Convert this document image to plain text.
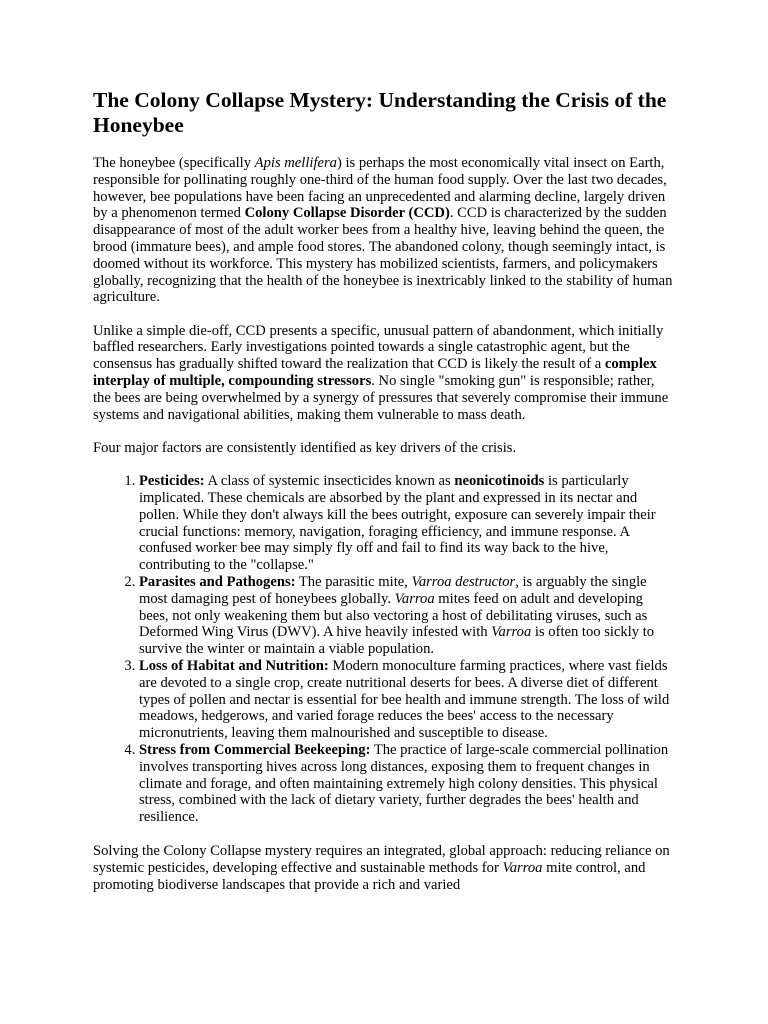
The Colony Collapse Mystery: Understanding the Crisis of the Honeybee

The honeybee (specifically Apis mellifera) is perhaps the most economically vital insect on Earth, responsible for pollinating roughly one-third of the human food supply. Over the last two decades, however, bee populations have been facing an unprecedented and alarming decline, largely driven by a phenomenon termed Colony Collapse Disorder (CCD). CCD is characterized by the sudden disappearance of most of the adult worker bees from a healthy hive, leaving behind the queen, the brood (immature bees), and ample food stores. The abandoned colony, though seemingly intact, is doomed without its workforce. This mystery has mobilized scientists, farmers, and policymakers globally, recognizing that the health of the honeybee is inextricably linked to the stability of human agriculture.

Unlike a simple die-off, CCD presents a specific, unusual pattern of abandonment, which initially baffled researchers. Early investigations pointed towards a single catastrophic agent, but the consensus has gradually shifted toward the realization that CCD is likely the result of a complex interplay of multiple, compounding stressors. No single "smoking gun" is responsible; rather, the bees are being overwhelmed by a synergy of pressures that severely compromise their immune systems and navigational abilities, making them vulnerable to mass death.

Four major factors are consistently identified as key drivers of the crisis.

1. Pesticides: A class of systemic insecticides known as neonicotinoids is particularly implicated. These chemicals are absorbed by the plant and expressed in its nectar and pollen. While they don't always kill the bees outright, exposure can severely impair their crucial functions: memory, navigation, foraging efficiency, and immune response. A confused worker bee may simply fly off and fail to find its way back to the hive, contributing to the "collapse."
2. Parasites and Pathogens: The parasitic mite, Varroa destructor, is arguably the single most damaging pest of honeybees globally. Varroa mites feed on adult and developing bees, not only weakening them but also vectoring a host of debilitating viruses, such as Deformed Wing Virus (DWV). A hive heavily infested with Varroa is often too sickly to survive the winter or maintain a viable population.
3. Loss of Habitat and Nutrition: Modern monoculture farming practices, where vast fields are devoted to a single crop, create nutritional deserts for bees. A diverse diet of different types of pollen and nectar is essential for bee health and immune strength. The loss of wild meadows, hedgerows, and varied forage reduces the bees' access to the necessary micronutrients, leaving them malnourished and susceptible to disease.
4. Stress from Commercial Beekeeping: The practice of large-scale commercial pollination involves transporting hives across long distances, exposing them to frequent changes in climate and forage, and often maintaining extremely high colony densities. This physical stress, combined with the lack of dietary variety, further degrades the bees' health and resilience.

Solving the Colony Collapse mystery requires an integrated, global approach: reducing reliance on systemic pesticides, developing effective and sustainable methods for Varroa mite control, and promoting biodiverse landscapes that provide a rich and varied
